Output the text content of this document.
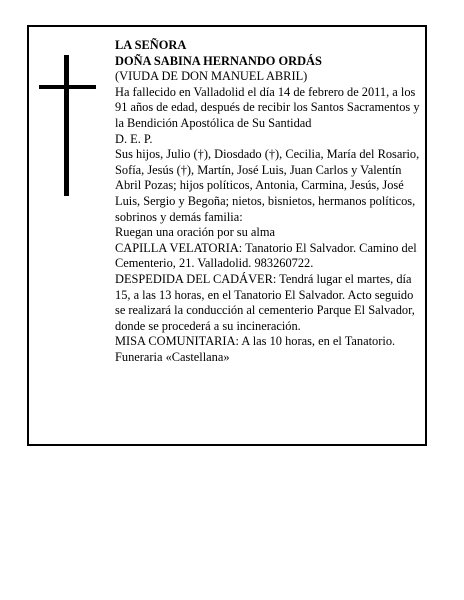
LA SEÑORA

DOÑA SABINA HERNANDO ORDÁS

(VIUDA DE DON MANUEL ABRIL)

Ha fallecido en Valladolid el día 14 de febrero de 2011, a los 91 años de edad, después de recibir los Santos Sacramentos y la Bendición Apostólica de Su Santidad

D. E. P.

Sus hijos, Julio (†), Diosdado (†), Cecilia, María del Rosario, Sofía, Jesús (†), Martín, José Luis, Juan Carlos y Valentín Abril Pozas; hijos políticos, Antonia, Carmina, Jesús, José Luis, Sergio y Begoña; nietos, bisnietos, hermanos políticos, sobrinos y demás familia:

Ruegan una oración por su alma

CAPILLA VELATORIA: Tanatorio El Salvador. Camino del Cementerio, 21. Valladolid. 983260722.

DESPEDIDA DEL CADÁVER: Tendrá lugar el martes, día 15, a las 13 horas, en el Tanatorio El Salvador. Acto seguido se realizará la conducción al cementerio Parque El Salvador, donde se procederá a su incineración.

MISA COMUNITARIA: A las 10 horas, en el Tanatorio.

Funeraria «Castellana»
